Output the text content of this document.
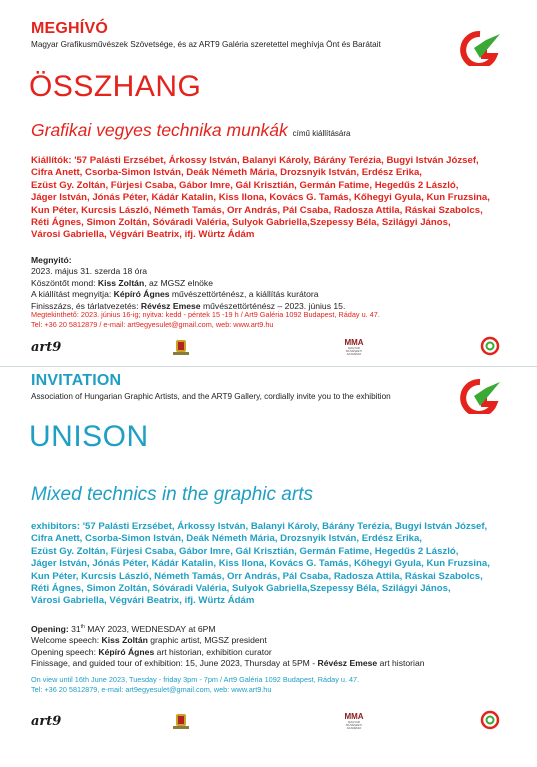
MEGHÍVÓ
Magyar Grafikusművészek Szövetsége, és az ART9 Galéria szeretettel meghívja Önt és Barátait
ÖSSZHANG
Grafikai vegyes technika munkák című kiállítására
Kiállítók: '57 Palásti Erzsébet, Árkossy István, Balanyi Károly, Bárány Terézia, Bugyi István József,
Cifra Anett, Csorba-Simon István, Deák Németh Mária, Drozsnyik István, Erdész Erika,
Ezüst Gy. Zoltán, Fürjesi Csaba, Gábor Imre, Gál Krisztián, Germán Fatime, Hegedűs 2 László,
Jáger István, Jónás Péter, Kádár Katalin, Kiss Ilona, Kovács G. Tamás, Kőhegyi Gyula, Kun Fruzsina,
Kun Péter, Kurcsis László, Németh Tamás, Orr András, Pál Csaba, Radosza Attila, Ráskai Szabolcs,
Réti Ágnes, Simon Zoltán, Sóváradi Valéria, Sulyok Gabriella,Szepessy Béla, Szilágyi János,
Városi Gabriella, Végvári Beatrix, ifj. Würtz Ádám
Megnyitó:
2023. május 31. szerda 18 óra
Köszöntőt mond: Kiss Zoltán, az MGSZ elnöke
A kiállítást megnyitja: Képíró Ágnes művészettörténész, a kiállítás kurátora
Finisszázs, és tárlatvezetés: Révész Emese művészettörténész – 2023. június 15.
Megtekinthető: 2023. június 16-ig; nyitva: kedd - péntek 15 -19 h / Art9 Galéria 1092 Budapest, Ráday u. 47.
Tel: +36 20 5812879 / e-mail: art9egyesulet@gmail.com, web: www.art9.hu
art9	MMA
MAGYAR MŰVÉSZETI AKADÉMIA
INVITATION
Association of Hungarian Graphic Artists, and the ART9 Gallery, cordially invite you to the exhibition
UNISON
Mixed technics in the graphic arts
exhibitors: '57 Palásti Erzsébet, Árkossy István, Balanyi Károly, Bárány Terézia, Bugyi István József,
Cifra Anett, Csorba-Simon István, Deák Németh Mária, Drozsnyik István, Erdész Erika,
Ezüst Gy. Zoltán, Fürjesi Csaba, Gábor Imre, Gál Krisztián, Germán Fatime, Hegedűs 2 László,
Jáger István, Jónás Péter, Kádár Katalin, Kiss Ilona, Kovács G. Tamás, Kőhegyi Gyula, Kun Fruzsina,
Kun Péter, Kurcsis László, Németh Tamás, Orr András, Pál Csaba, Radosza Attila, Ráskai Szabolcs,
Réti Ágnes, Simon Zoltán, Sóváradi Valéria, Sulyok Gabriella,Szepessy Béla, Szilágyi János,
Városi Gabriella, Végvári Beatrix, ifj. Würtz Ádám
Opening: 31th MAY 2023, WEDNESDAY at 6PM
Welcome speech: Kiss Zoltán graphic artist, MGSZ president
Opening speech: Képíró Ágnes art historian, exhibition curator
Finissage, and guided tour of exhibition: 15, June 2023, Thursday at 5PM - Révész Emese art historian
On view until 16th June 2023, Tuesday - friday 3pm - 7pm / Art9 Galéria 1092 Budapest, Ráday u. 47.
Tel: +36 20 5812879, e-mail: art9egyesulet@gmail.com, web: www.art9.hu
art9	MMA
MAGYAR MŰVÉSZETI AKADÉMIA
